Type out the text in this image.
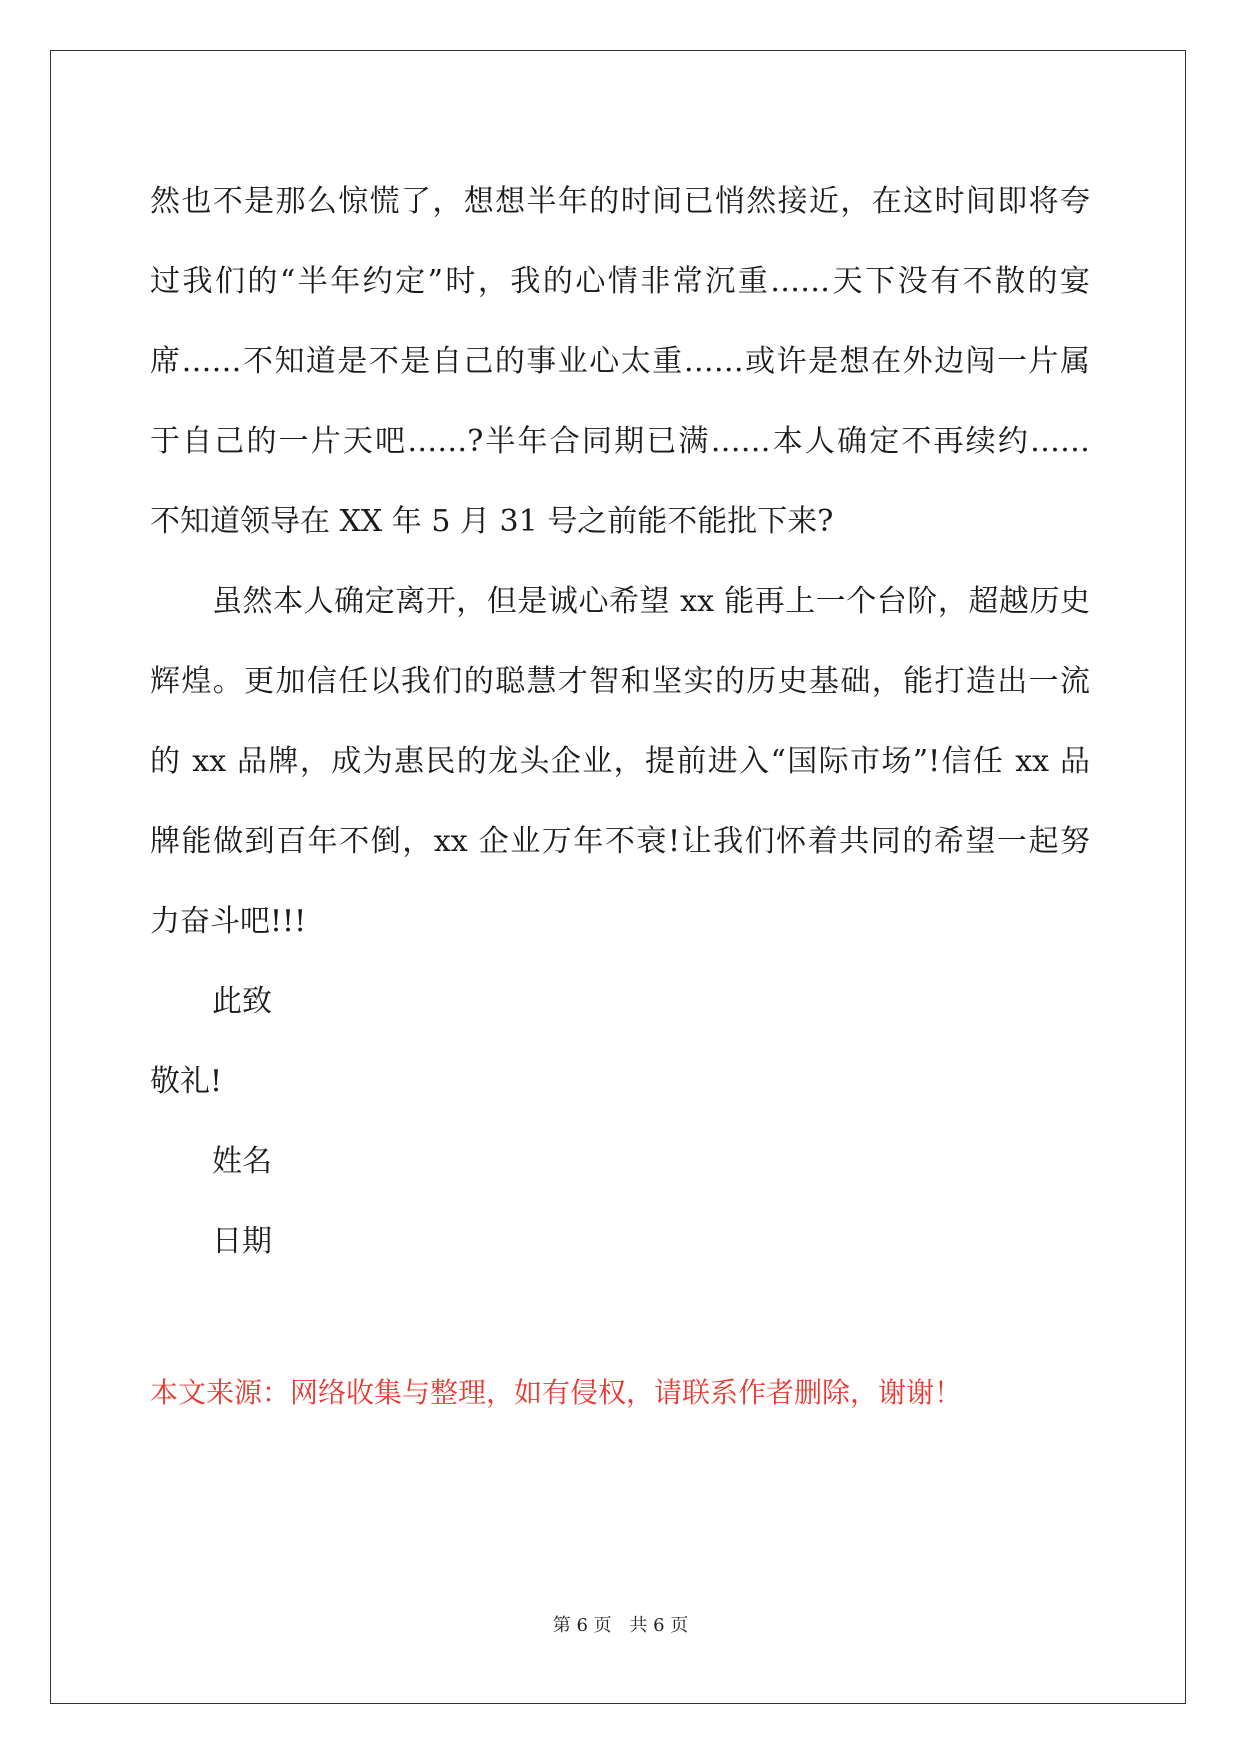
然也不是那么惊慌了，想想半年的时间已悄然接近，在这时间即将夸
过我们的“半年约定”时，我的心情非常沉重……天下没有不散的宴
席……不知道是不是自己的事业心太重……或许是想在外边闯一片属
于自己的一片天吧……?半年合同期已满……本人确定不再续约……
不知道领导在 XX 年 5 月 31 号之前能不能批下来?
虽然本人确定离开，但是诚心希望 xx 能再上一个台阶，超越历史
辉煌。更加信任以我们的聪慧才智和坚实的历史基础，能打造出一流
的 xx 品牌，成为惠民的龙头企业，提前进入“国际市场”!信任 xx 品
牌能做到百年不倒，xx 企业万年不衰!让我们怀着共同的希望一起努
力奋斗吧!!!
此致
敬礼!
姓名
日期
本文来源：网络收集与整理，如有侵权，请联系作者删除，谢谢！
第 6 页 共 6 页
